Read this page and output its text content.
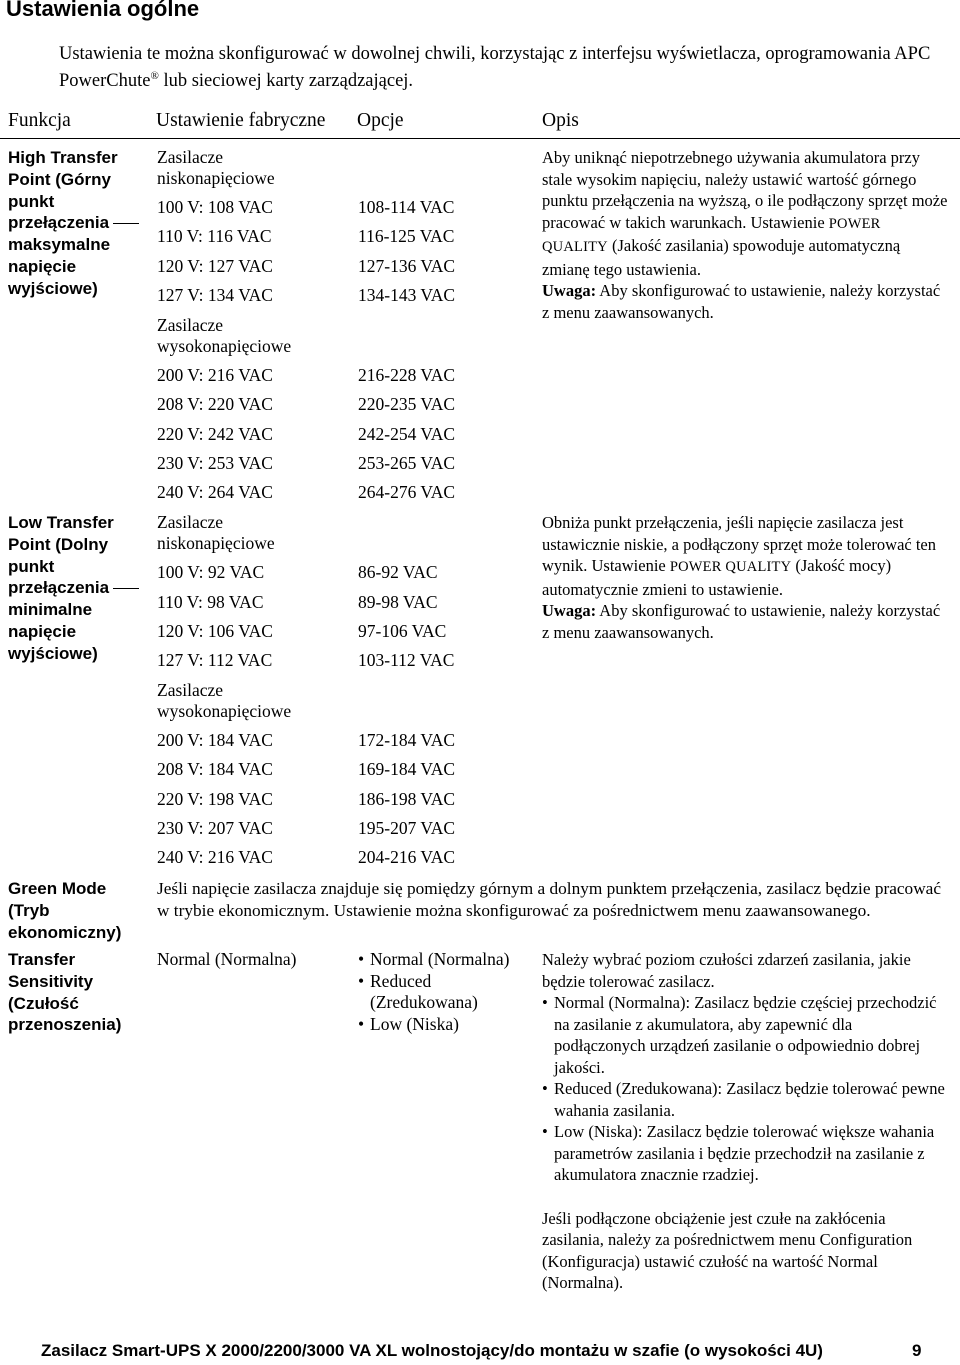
Ustawienia ogólne
Ustawienia te można skonfigurować w dowolnej chwili, korzystając z interfejsu wyświetlacza, oprogramowania APC PowerChute® lub sieciowej karty zarządzającej.
Funkcja	Ustawienie fabryczne Opcje	Opis
High Transfer
Point (Górny
punkt
przełączenia
maksymalne
napięcie
wyjściowe)
Zasilacze niskonapięciowe
100 V: 108 VAC	108-114 VAC
110 V: 116 VAC	116-125 VAC
120 V: 127 VAC	127-136 VAC
127 V: 134 VAC	134-143 VAC
Zasilacze wysokonapięciowe
200 V: 216 VAC	216-228 VAC
208 V: 220 VAC	220-235 VAC
220 V: 242 VAC	242-254 VAC
230 V: 253 VAC	253-265 VAC
240 V: 264 VAC	264-276 VAC
Aby uniknąć niepotrzebnego używania akumulatora przy stale wysokim napięciu, należy ustawić wartość górnego punktu przełączenia na wyższą, o ile podłączony sprzęt może pracować w takich warunkach. Ustawienie POWER QUALITY (Jakość zasilania) spowoduje automatyczną zmianę tego ustawienia.
Uwaga: Aby skonfigurować to ustawienie, należy korzystać z menu zaawansowanych.
Low Transfer
Point (Dolny
punkt
przełączenia
minimalne
napięcie
wyjściowe)
Zasilacze niskonapięciowe
100 V: 92 VAC	86-92 VAC
110 V: 98 VAC	89-98 VAC
120 V: 106 VAC	97-106 VAC
127 V: 112 VAC	103-112 VAC
Zasilacze wysokonapięciowe
200 V: 184 VAC	172-184 VAC
208 V: 184 VAC	169-184 VAC
220 V: 198 VAC	186-198 VAC
230 V: 207 VAC	195-207 VAC
240 V: 216 VAC	204-216 VAC
Obniża punkt przełączenia, jeśli napięcie zasilacza jest ustawicznie niskie, a podłączony sprzęt może tolerować ten wynik. Ustawienie POWER QUALITY (Jakość mocy) automatycznie zmieni to ustawienie.
Uwaga: Aby skonfigurować to ustawienie, należy korzystać z menu zaawansowanych.
Green Mode
(Tryb
ekonomiczny)
Jeśli napięcie zasilacza znajduje się pomiędzy górnym a dolnym punktem przełączenia, zasilacz będzie pracować w trybie ekonomicznym. Ustawienie można skonfigurować za pośrednictwem menu zaawansowanego.
Transfer
Sensitivity
(Czułość
przenoszenia)
Normal (Normalna)
•	Normal (Normalna)
• Reduced (Zredukowana)
• Low (Niska)
Należy wybrać poziom czułości zdarzeń zasilania, jakie będzie tolerować zasilacz.
• Normal (Normalna): Zasilacz będzie częściej przechodzić na zasilanie z akumulatora, aby zapewnić dla podłączonych urządzeń zasilanie o odpowiednio dobrej jakości.
• Reduced (Zredukowana): Zasilacz będzie tolerować pewne wahania zasilania.
• Low (Niska): Zasilacz będzie tolerować większe wahania parametrów zasilania i będzie przechodził na zasilanie z akumulatora znacznie rzadziej.
Jeśli podłączone obciążenie jest czułe na zakłócenia zasilania, należy za pośrednictwem menu Configuration (Konfiguracja) ustawić czułość na wartość Normal (Normalna).
Zasilacz Smart-UPS X 2000/2200/3000 VA XL wolnostojący/do montażu w szafie (o wysokości 4U)	9
